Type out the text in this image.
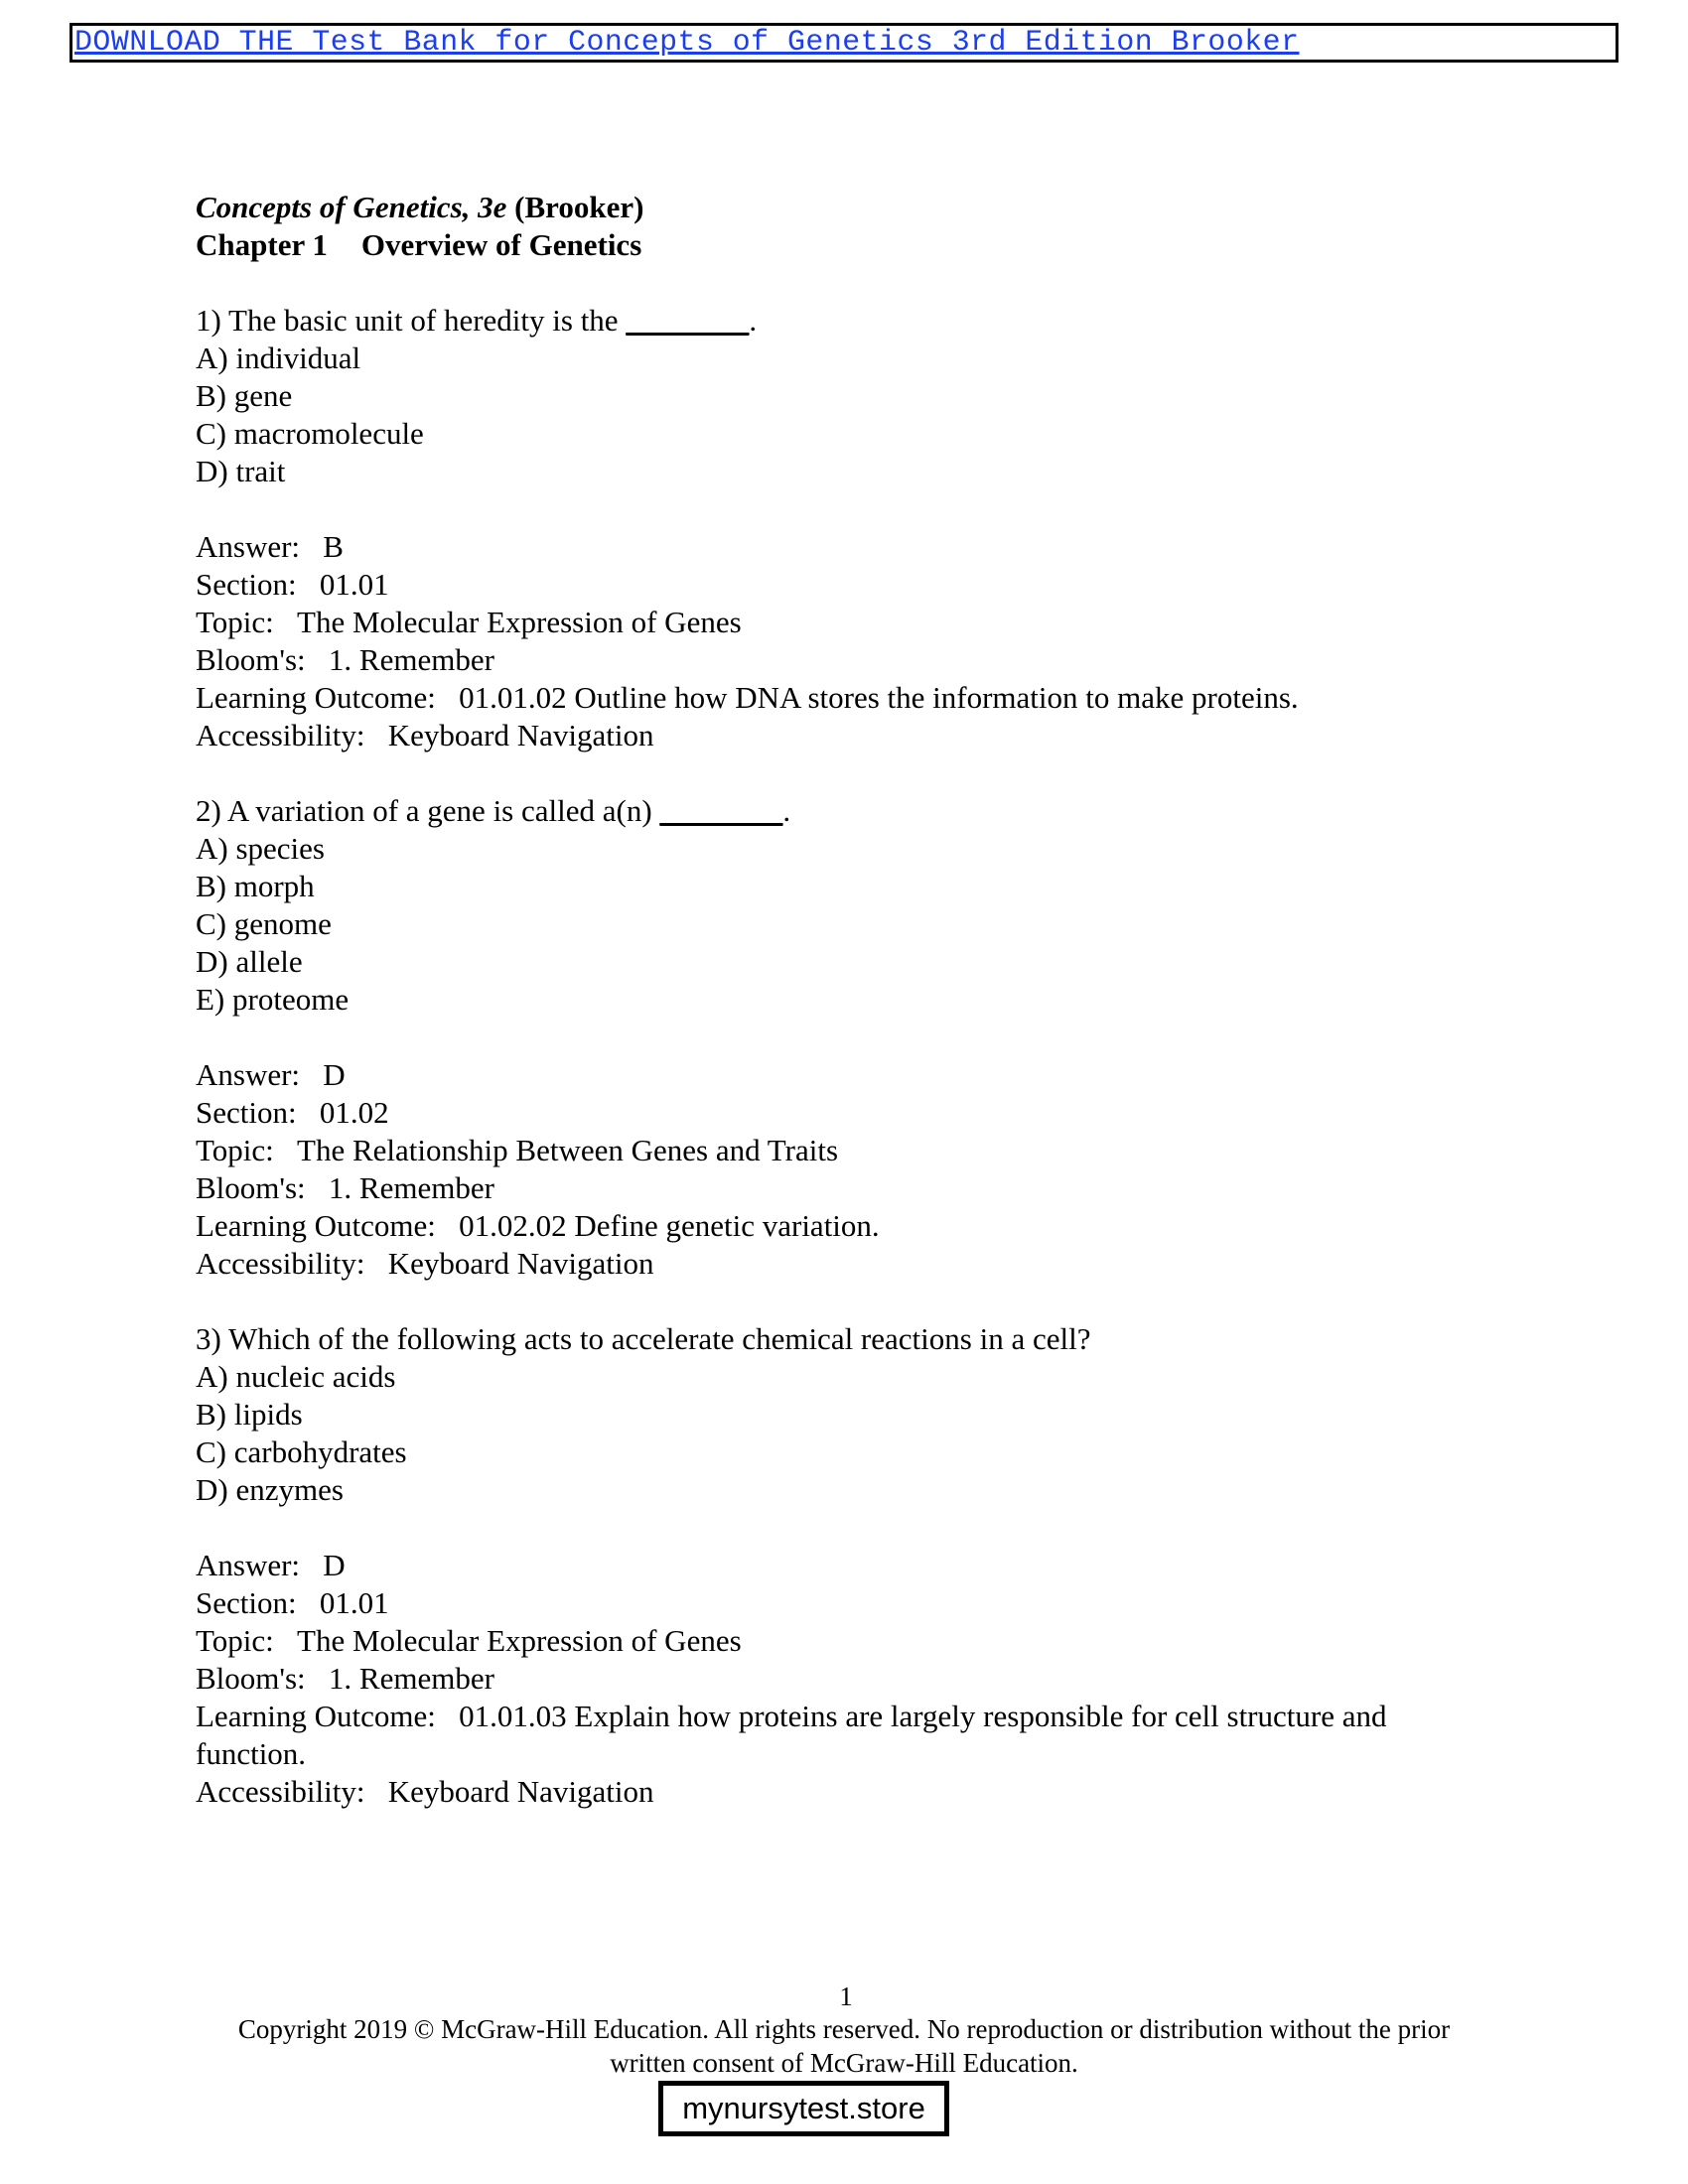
DOWNLOAD THE Test Bank for Concepts of Genetics 3rd Edition Brooker
Concepts of Genetics, 3e (Brooker)
Chapter 1 Overview of Genetics
1) The basic unit of heredity is the ________.
A) individual
B) gene
C) macromolecule
D) trait
Answer: B
Section: 01.01
Topic: The Molecular Expression of Genes
Bloom's: 1. Remember
Learning Outcome: 01.01.02 Outline how DNA stores the information to make proteins.
Accessibility: Keyboard Navigation
2) A variation of a gene is called a(n) ________.
A) species
B) morph
C) genome
D) allele
E) proteome
Answer: D
Section: 01.02
Topic: The Relationship Between Genes and Traits
Bloom's: 1. Remember
Learning Outcome: 01.02.02 Define genetic variation.
Accessibility: Keyboard Navigation
3) Which of the following acts to accelerate chemical reactions in a cell?
A) nucleic acids
B) lipids
C) carbohydrates
D) enzymes
Answer: D
Section: 01.01
Topic: The Molecular Expression of Genes
Bloom's: 1. Remember
Learning Outcome: 01.01.03 Explain how proteins are largely responsible for cell structure and function.
Accessibility: Keyboard Navigation
1
Copyright 2019 © McGraw-Hill Education. All rights reserved. No reproduction or distribution without the prior
written consent of McGraw-Hill Education.
mynursytest.store
